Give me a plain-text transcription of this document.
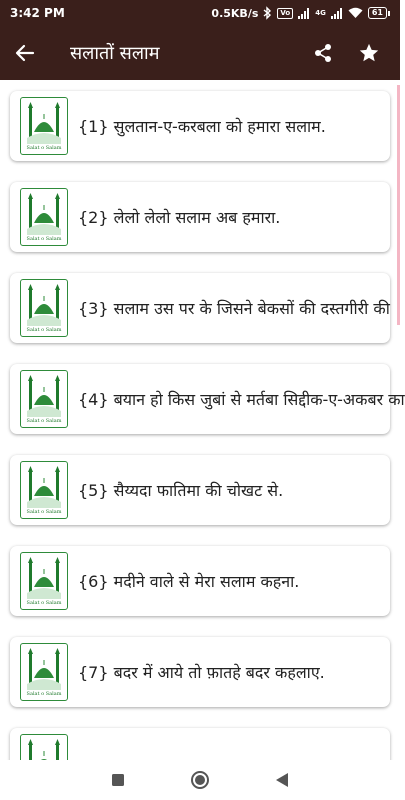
3:42 PM	0.5KB/s	Vo	4G	61
सलातों सलाम
Salat o Salam
{1} सुलतान-ए-करबला को हमारा सलाम.
Salat o Salam
{2} लेलो लेलो सलाम अब हमारा.
Salat o Salam
{3} सलाम उस पर के जिसने बेकसों की दस्तगीरी की
Salat o Salam
{4} बयान हो किस जुबां से मर्तबा सिद्दीक-ए-अकबर का
Salat o Salam
{5} सैय्यदा फातिमा की चोखट से.
Salat o Salam
{6} मदीने वाले से मेरा सलाम कहना.
Salat o Salam
{7} बदर में आये तो फ़ातहे बदर कहलाए.
